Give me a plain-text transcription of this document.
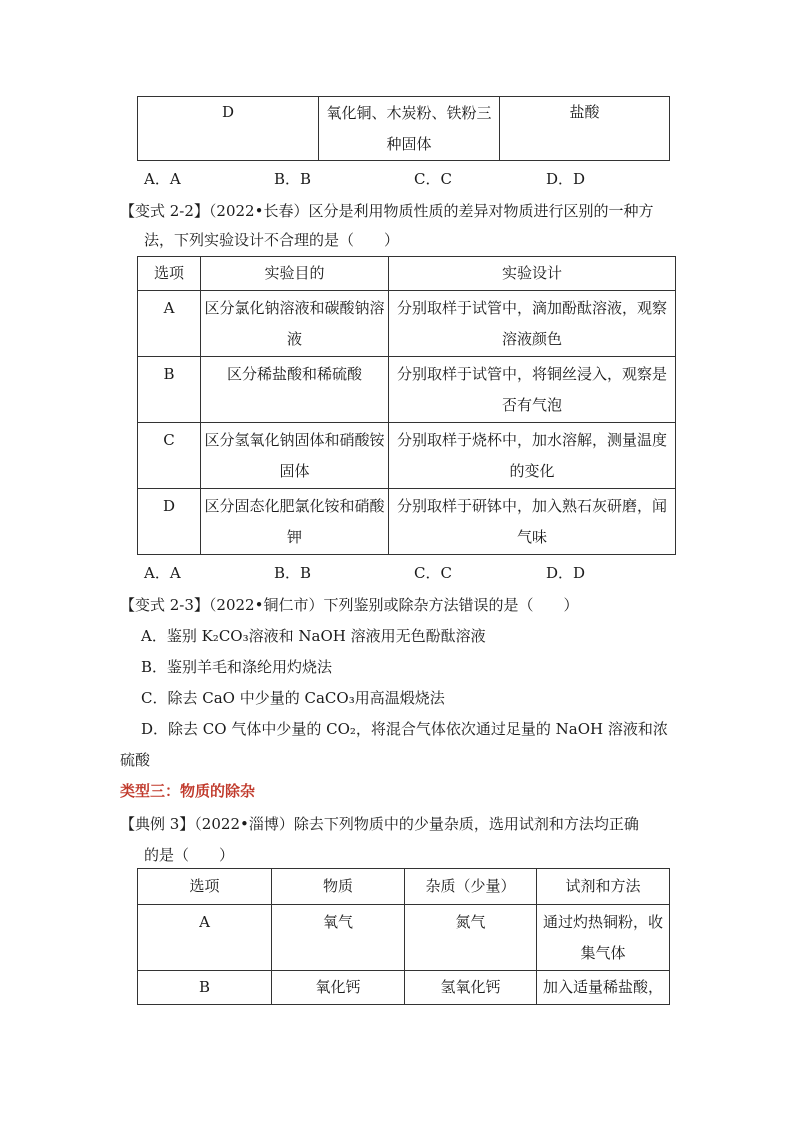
D	氧化铜、木炭粉、铁粉三种固体	盐酸
A．A	B．B	C．C	D．D
【变式 2-2】（2022•长春）区分是利用物质性质的差异对物质进行区别的一种方
法，下列实验设计不合理的是（　　）
选项	实验目的	实验设计
A	区分氯化钠溶液和碳酸钠溶液	分别取样于试管中，滴加酚酞溶液，观察溶液颜色
B	区分稀盐酸和稀硫酸	分别取样于试管中，将铜丝浸入，观察是否有气泡
C	区分氢氧化钠固体和硝酸铵固体	分别取样于烧杯中，加水溶解，测量温度的变化
D	区分固态化肥氯化铵和硝酸钾	分别取样于研钵中，加入熟石灰研磨，闻气味
A．A	B．B	C．C	D．D
【变式 2-3】（2022•铜仁市）下列鉴别或除杂方法错误的是（　　）
A．鉴别 K₂CO₃溶液和 NaOH 溶液用无色酚酞溶液
B．鉴别羊毛和涤纶用灼烧法
C．除去 CaO 中少量的 CaCO₃用高温煅烧法
D．除去 CO 气体中少量的 CO₂，将混合气体依次通过足量的 NaOH 溶液和浓
硫酸
类型三：物质的除杂
【典例 3】（2022•淄博）除去下列物质中的少量杂质，选用试剂和方法均正确
的是（　　）
选项	物质	杂质（少量）	试剂和方法
A	氧气	氮气	通过灼热铜粉，收集气体
B	氧化钙	氢氧化钙	加入适量稀盐酸，
